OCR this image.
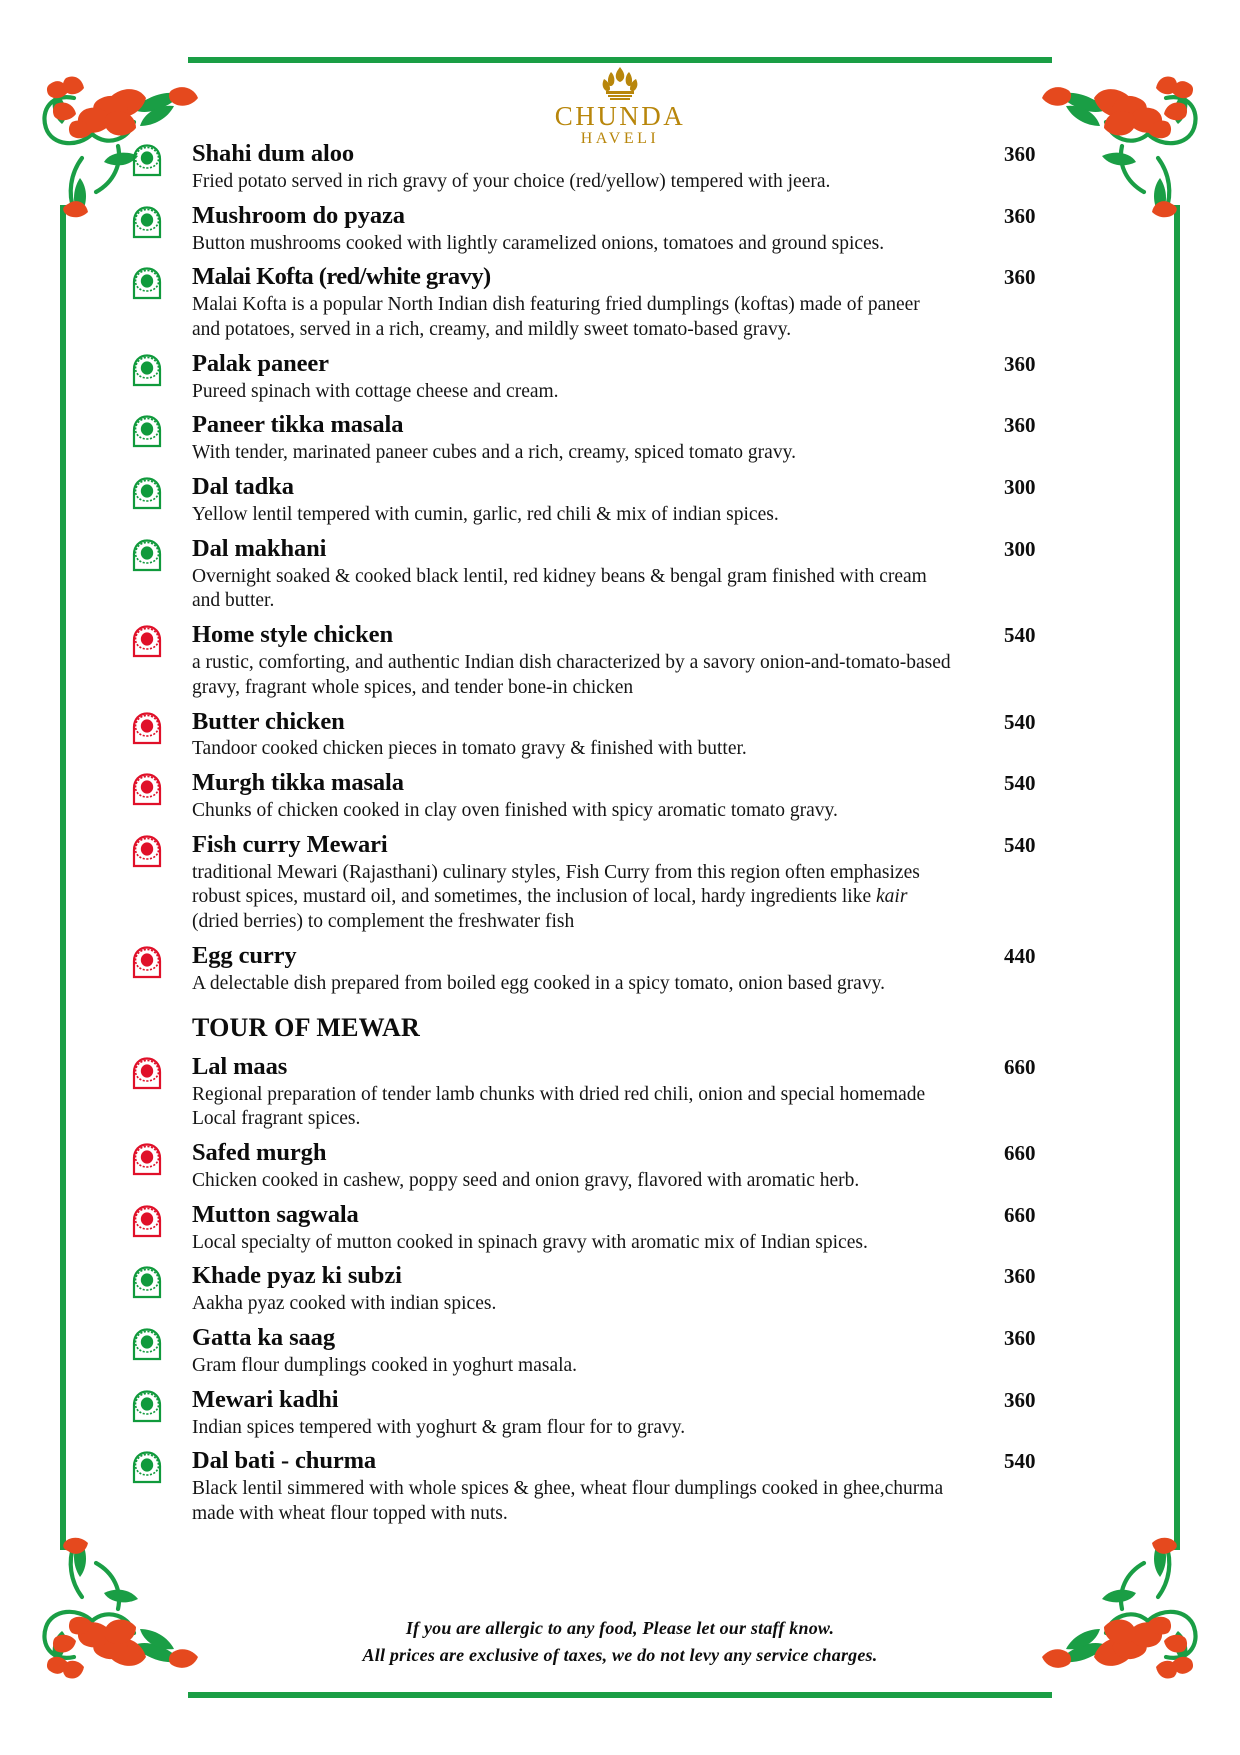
CHUNDA
HAVELI
Shahi dum aloo	360
Fried potato served in rich gravy of your choice (red/yellow) tempered with jeera.
Mushroom do pyaza	360
Button mushrooms cooked with lightly caramelized onions, tomatoes and ground spices.
Malai Kofta (red/white gravy)	360
Malai Kofta is a popular North Indian dish featuring fried dumplings (koftas) made of paneer and potatoes, served in a rich, creamy, and mildly sweet tomato-based gravy.
Palak paneer	360
Pureed spinach with cottage cheese and cream.
Paneer tikka masala	360
With tender, marinated paneer cubes and a rich, creamy, spiced tomato gravy.
Dal tadka	300
Yellow lentil tempered with cumin, garlic, red chili & mix of indian spices.
Dal makhani	300
Overnight soaked & cooked black lentil, red kidney beans & bengal gram finished with cream and butter.
Home style chicken	540
a rustic, comforting, and authentic Indian dish characterized by a savory onion-and-tomato-based gravy, fragrant whole spices, and tender bone-in chicken
Butter chicken	540
Tandoor cooked chicken pieces in tomato gravy & finished with butter.
Murgh tikka masala	540
Chunks of chicken cooked in clay oven finished with spicy aromatic tomato gravy.
Fish curry Mewari	540
traditional Mewari (Rajasthani) culinary styles, Fish Curry from this region often emphasizes robust spices, mustard oil, and sometimes, the inclusion of local, hardy ingredients like kair (dried berries) to complement the freshwater fish
Egg curry	440
A delectable dish prepared from boiled egg cooked in a spicy tomato, onion based gravy.
TOUR OF MEWAR
Lal maas	660
Regional preparation of tender lamb chunks with dried red chili, onion and special homemade Local fragrant spices.
Safed murgh	660
Chicken cooked in cashew, poppy seed and onion gravy, flavored with aromatic herb.
Mutton sagwala	660
Local specialty of mutton cooked in spinach gravy with aromatic mix of Indian spices.
Khade pyaz ki subzi	360
Aakha pyaz cooked with indian spices.
Gatta ka saag	360
Gram flour dumplings cooked in yoghurt masala.
Mewari kadhi	360
Indian spices tempered with yoghurt & gram flour for to gravy.
Dal bati - churma	540
Black lentil simmered with whole spices & ghee, wheat flour dumplings cooked in ghee,churma made with wheat flour topped with nuts.
If you are allergic to any food, Please let our staff know.
All prices are exclusive of taxes, we do not levy any service charges.
